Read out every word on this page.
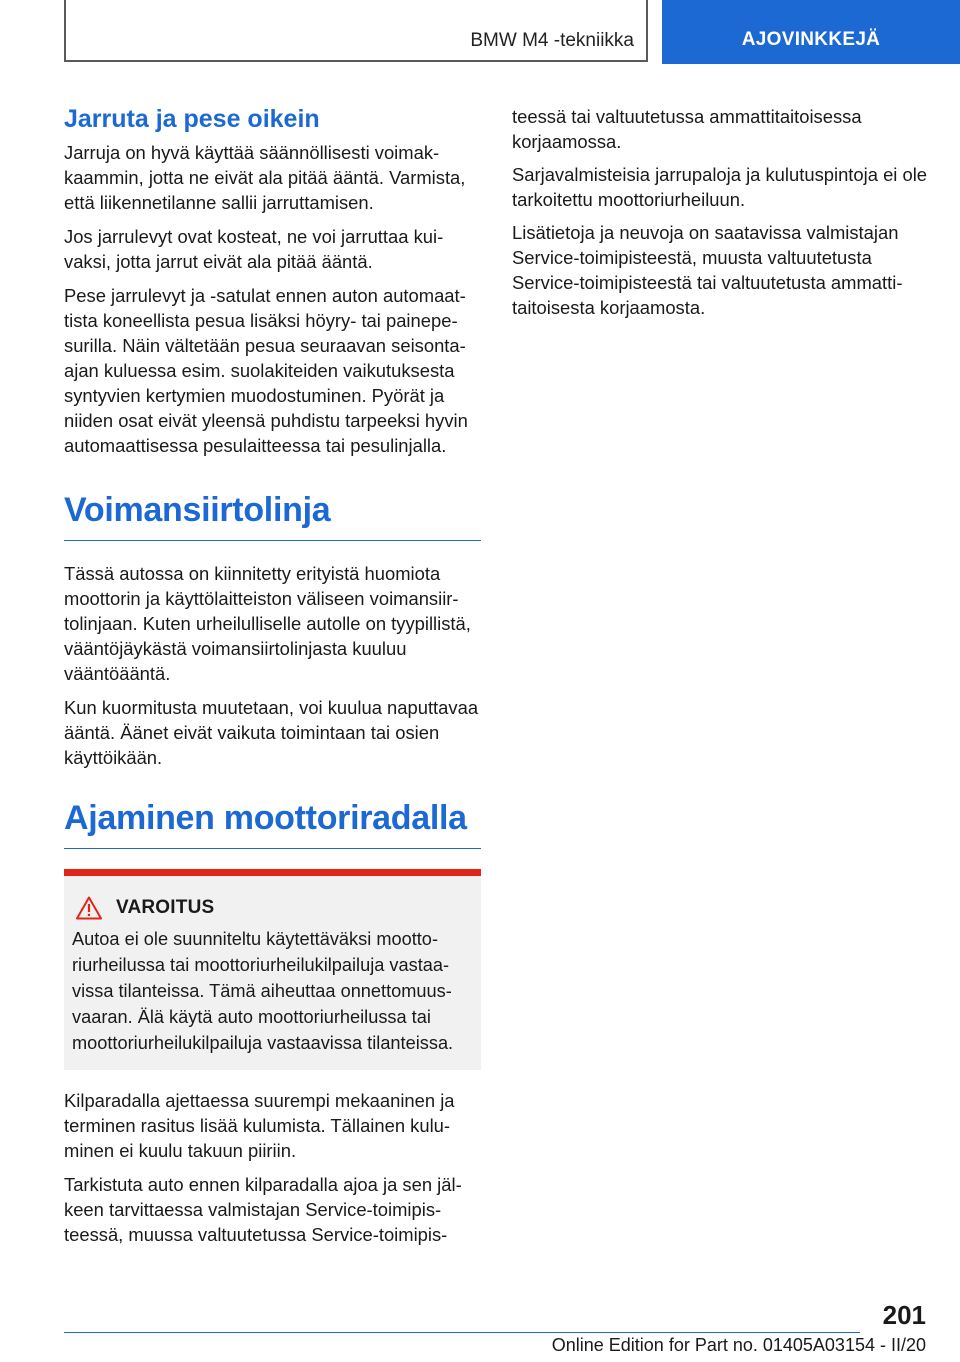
BMW M4 -tekniikka	AJOVINKKEJÄ
Jarruta ja pese oikein

Jarruja on hyvä käyttää säännöllisesti voimakkaammin, jotta ne eivät ala pitää ääntä. Varmista, että liikennetilanne sallii jarruttamisen.

Jos jarrulevyt ovat kosteat, ne voi jarruttaa kuivaksi, jotta jarrut eivät ala pitää ääntä.

Pese jarrulevyt ja -satulat ennen auton automaattista koneellista pesua lisäksi höyry- tai painepesurilla. Näin vältetään pesua seuraavan seisontaajan kuluessa esim. suolakiteiden vaikutuksesta syntyvien kertymien muodostuminen. Pyörät ja niiden osat eivät yleensä puhdistu tarpeeksi hyvin automaattisessa pesulaitteessa tai pesulinjalla.

Voimansiirtolinja

Tässä autossa on kiinnitetty erityistä huomiota moottorin ja käyttölaitteiston väliseen voimansiirtolinjaan. Kuten urheilulliselle autolle on tyypillistä, vääntöjäykästä voimansiirtolinjasta kuuluu vääntöääntä.

Kun kuormitusta muutetaan, voi kuulua naputtavaa ääntä. Äänet eivät vaikuta toimintaan tai osien käyttöikään.

Ajaminen moottoriradalla
VAROITUS

Autoa ei ole suunniteltu käytettäväksi moottoriurheilussa tai moottoriurheilukilpailuja vastaavissa tilanteissa. Tämä aiheuttaa onnettomuusvaaran. Älä käytä auto moottoriurheilussa tai moottoriurheilukilpailuja vastaavissa tilanteissa.

Kilparadalla ajettaessa suurempi mekaaninen ja terminen rasitus lisää kulumista. Tällainen kuluminen ei kuulu takuun piiriin.

Tarkistuta auto ennen kilparadalla ajoa ja sen jälkeen tarvittaessa valmistajan Service-toimipisteessä, muussa valtuutetussa Service-toimipis-

teessä tai valtuutetussa ammattitaitoisessa korjaamossa.

Sarjavalmisteisia jarrupaloja ja kulutuspintoja ei ole tarkoitettu moottoriurheiluun.

Lisätietoja ja neuvoja on saatavissa valmistajan Service-toimipisteestä, muusta valtuutetusta Service-toimipisteestä tai valtuutetusta ammattitaitoisesta korjaamosta.

201
Online Edition for Part no. 01405A03154 - II/20
